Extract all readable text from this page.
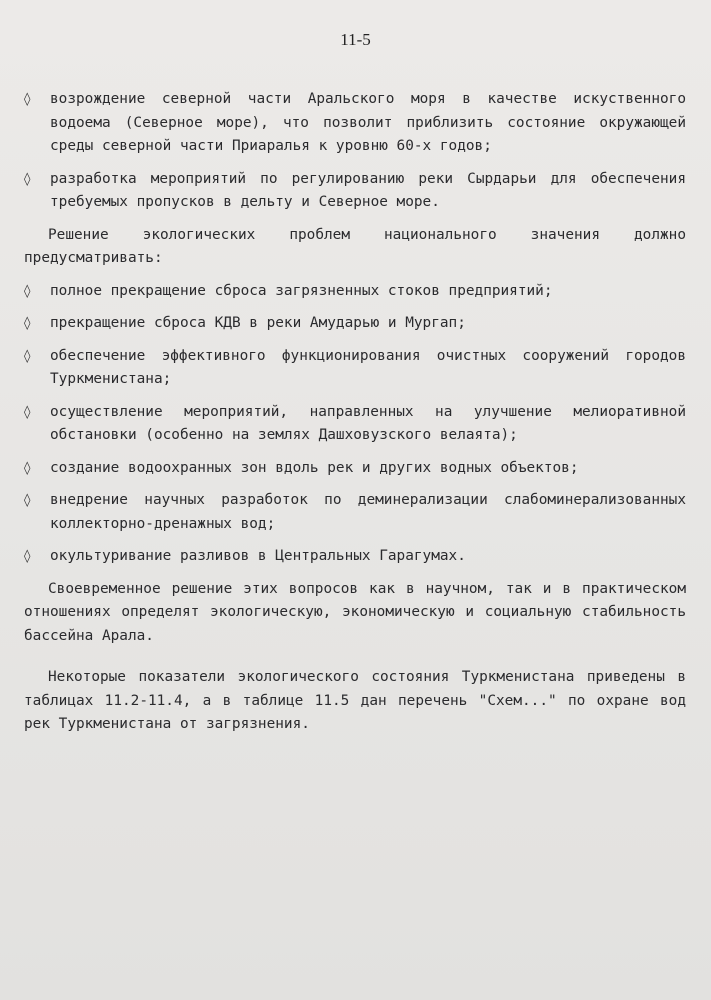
11-5
◊ возрождение северной части Аральского моря в качестве искуственного водоема (Северное море), что позволит приблизить состояние окружающей среды северной части Приаралья к уровню 60-х годов;
◊ разработка мероприятий по регулированию реки Сырдарьи для обеспечения требуемых пропусков в дельту и Северное море.

Решение экологических проблем национального значения должно предусматривать:

◊ полное прекращение сброса загрязненных стоков предприятий;
◊ прекращение сброса КДВ в реки Амударью и Мургап;
◊ обеспечение эффективного функционирования очистных сооружений городов Туркменистана;
◊ осуществление мероприятий, направленных на улучшение мелиоративной обстановки (особенно на землях Дашховузского велаята);
◊ создание водоохранных зон вдоль рек и других водных объектов;
◊ внедрение научных разработок по деминерализации слабоминерализованных коллекторно-дренажных вод;
◊ окультуривание разливов в Центральных Гарагумах.

Своевременное решение этих вопросов как в научном, так и в практическом отношениях определят экологическую, экономическую и социальную стабильность бассейна Арала.

Некоторые показатели экологического состояния Туркменистана приведены в таблицах 11.2-11.4, а в таблице 11.5 дан перечень "Схем..." по охране вод рек Туркменистана от загрязнения.
